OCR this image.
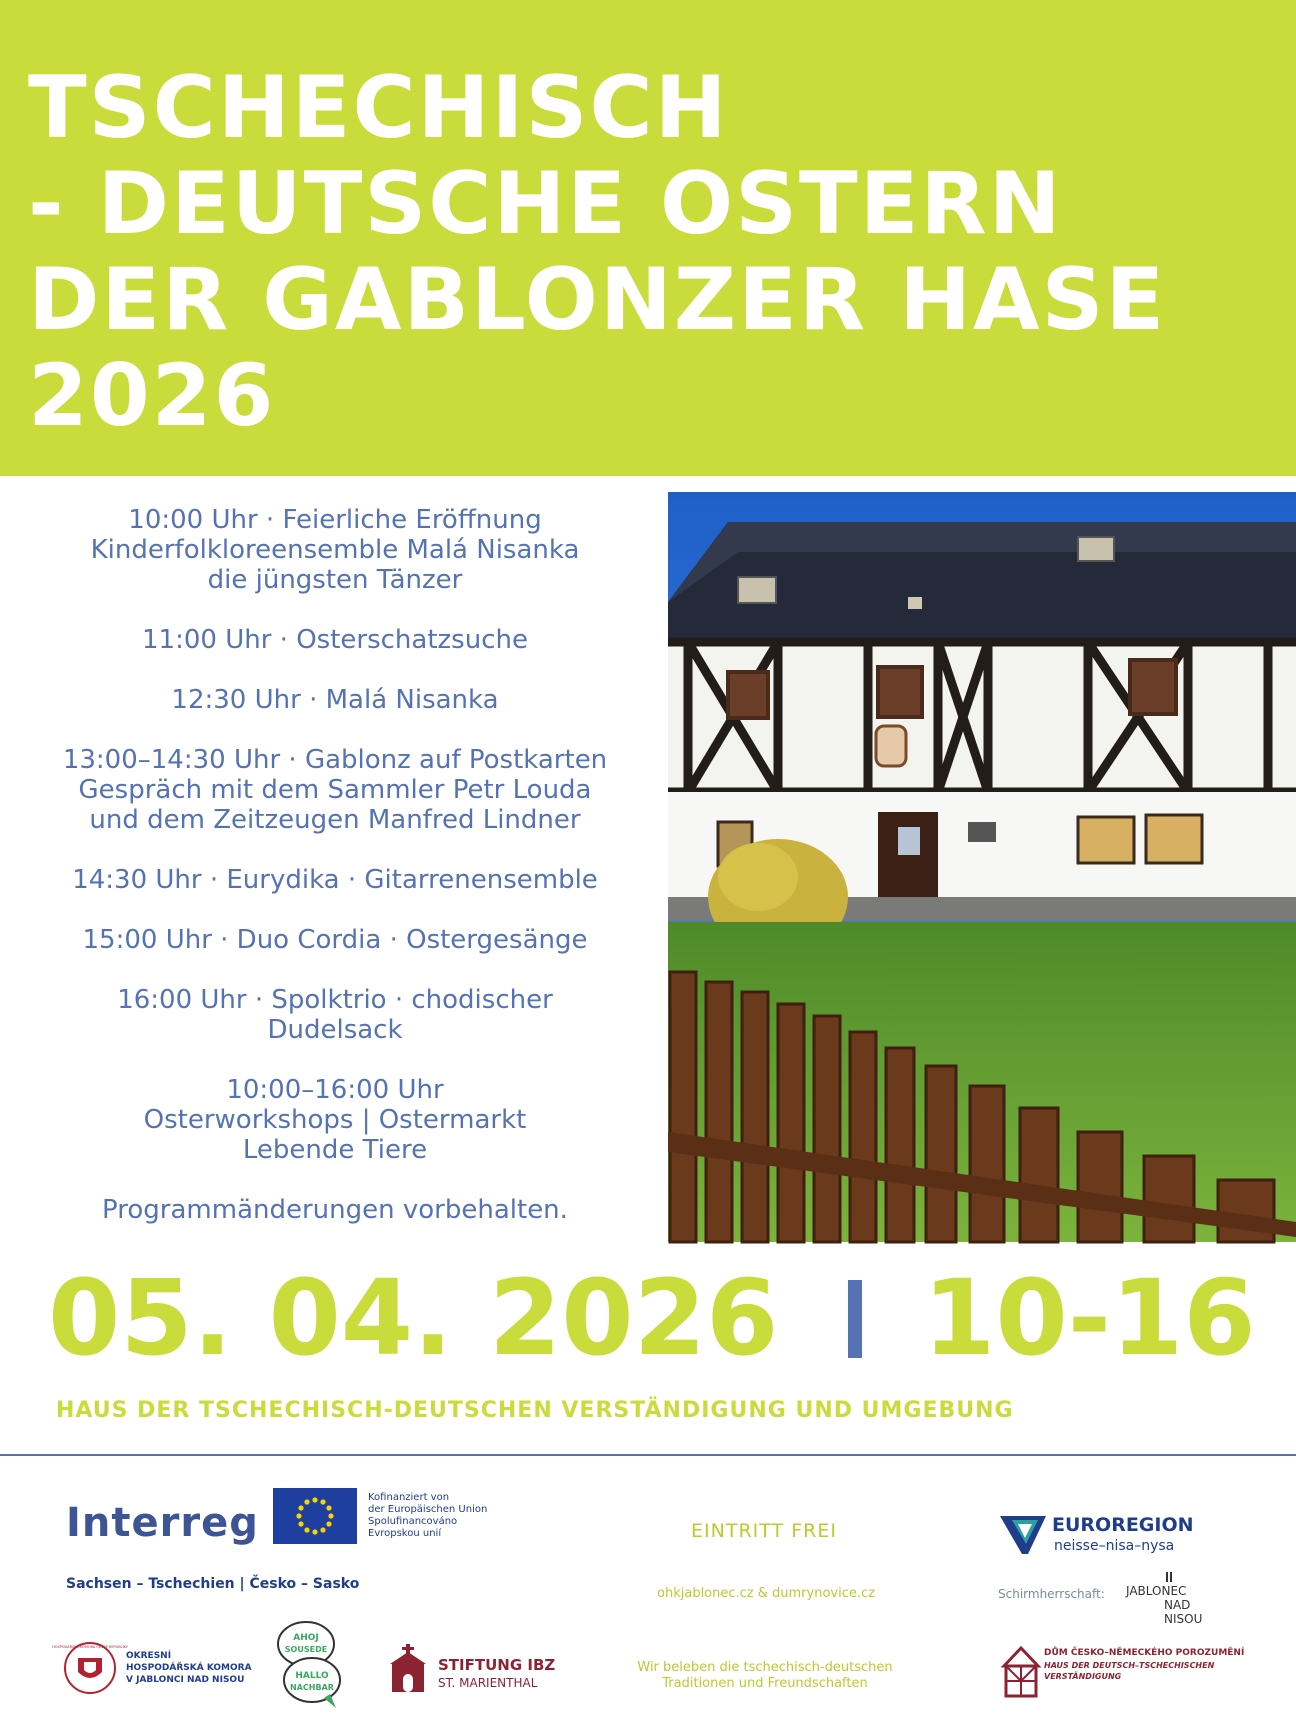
TSCHECHISCH
- DEUTSCHE OSTERN
DER GABLONZER HASE
2026
10:00 Uhr · Feierliche Eröffnung
Kinderfolkloreensemble Malá Nisanka
die jüngsten Tänzer
11:00 Uhr · Osterschatzsuche
12:30 Uhr · Malá Nisanka
13:00–14:30 Uhr · Gablonz auf Postkarten
Gespräch mit dem Sammler Petr Louda
und dem Zeitzeugen Manfred Lindner
14:30 Uhr · Eurydika · Gitarrenensemble
15:00 Uhr · Duo Cordia · Ostergesänge
16:00 Uhr · Spolktrio · chodischer
Dudelsack
10:00–16:00 Uhr
Osterworkshops | Ostermarkt
Lebende Tiere
Programmänderungen vorbehalten.
05. 04. 2026 10-16
HAUS DER TSCHECHISCH-DEUTSCHEN VERSTÄNDIGUNG UND UMGEBUNG
Interreg
Kofinanziert von
der Europäischen Union
Spolufinancováno
Evropskou unií
Sachsen – Tschechien | Česko – Sasko
EINTRITT FREI
ohkjablonec.cz & dumrynovice.cz
Wir beleben die tschechisch-deutschen
Traditionen und Freundschaften
EUROREGION
neisse–nisa–nysa
Schirmherrschaft: JABLONEC
NAD
NISOU
HOSPODÁŘSKÁ KOMORA ČESKÉ REPUBLIKY
OKRESNÍ
HOSPODÁŘSKÁ KOMORA
V JABLONCI NAD NISOU
AHOJ
SOUSEDE
HALLO
NACHBAR
STIFTUNG IBZ
ST. MARIENTHAL
DŮM ČESKO–NĚMECKÉHO POROZUMĚNÍ
HAUS DER DEUTSCH–TSCHECHISCHEN
VERSTÄNDIGUNG
